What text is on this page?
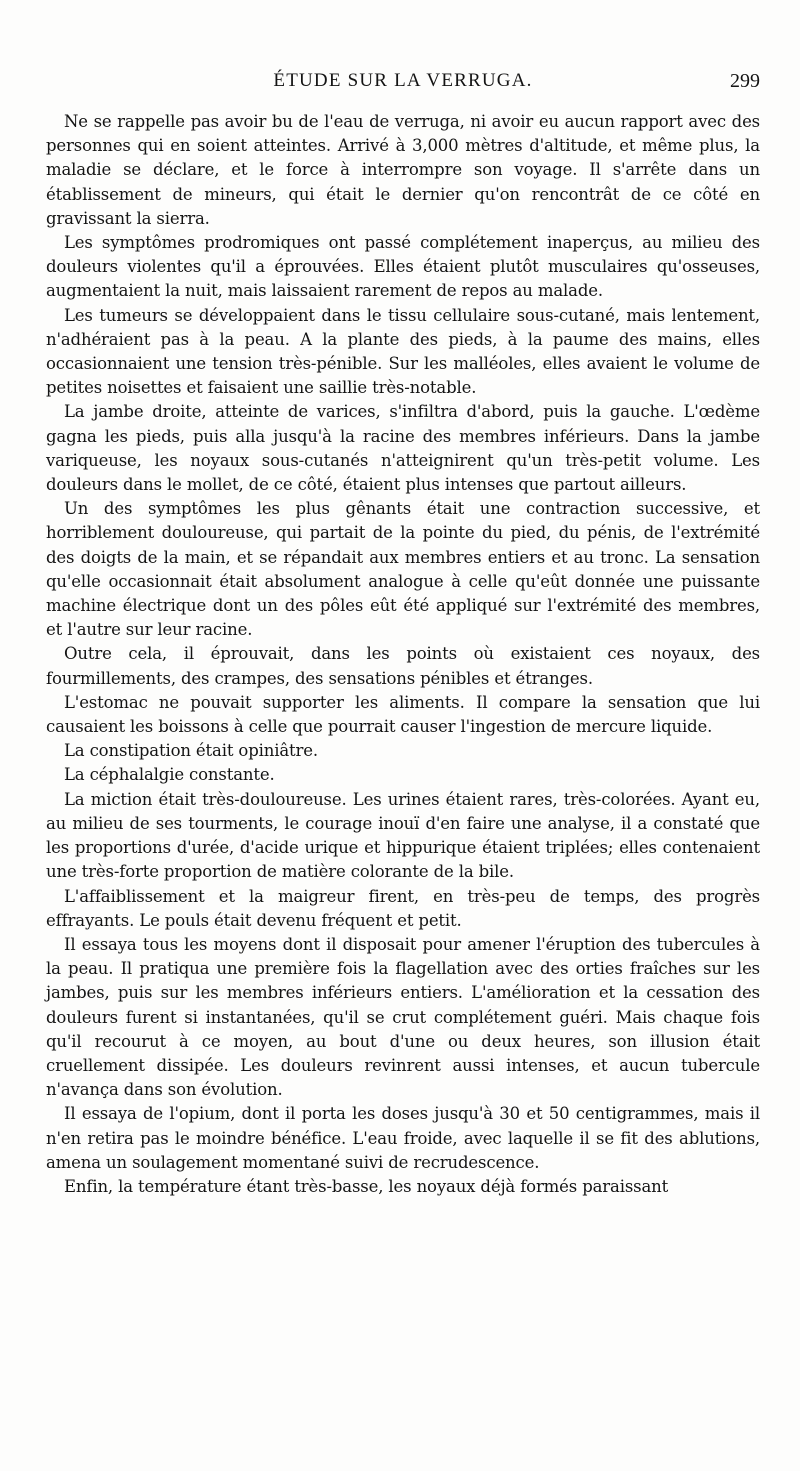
ÉTUDE SUR LA VERRUGA.	299

Ne se rappelle pas avoir bu de l'eau de verruga, ni avoir eu aucun rapport avec des personnes qui en soient atteintes. Arrivé à 3,000 mètres d'altitude, et même plus, la maladie se déclare, et le force à interrompre son voyage. Il s'arrête dans un établissement de mineurs, qui était le dernier qu'on rencontrât de ce côté en gravissant la sierra.

Les symptômes prodromiques ont passé complétement inaperçus, au milieu des douleurs violentes qu'il a éprouvées. Elles étaient plutôt musculaires qu'osseuses, augmentaient la nuit, mais laissaient rarement de repos au malade.

Les tumeurs se développaient dans le tissu cellulaire sous-cutané, mais lentement, n'adhéraient pas à la peau. A la plante des pieds, à la paume des mains, elles occasionnaient une tension très-pénible. Sur les malléoles, elles avaient le volume de petites noisettes et faisaient une saillie très-notable.

La jambe droite, atteinte de varices, s'infiltra d'abord, puis la gauche. L'œdème gagna les pieds, puis alla jusqu'à la racine des membres inférieurs. Dans la jambe variqueuse, les noyaux sous-cutanés n'atteignirent qu'un très-petit volume. Les douleurs dans le mollet, de ce côté, étaient plus intenses que partout ailleurs.

Un des symptômes les plus gênants était une contraction successive, et horriblement douloureuse, qui partait de la pointe du pied, du pénis, de l'extrémité des doigts de la main, et se répandait aux membres entiers et au tronc. La sensation qu'elle occasionnait était absolument analogue à celle qu'eût donnée une puissante machine électrique dont un des pôles eût été appliqué sur l'extrémité des membres, et l'autre sur leur racine.

Outre cela, il éprouvait, dans les points où existaient ces noyaux, des fourmillements, des crampes, des sensations pénibles et étranges.

L'estomac ne pouvait supporter les aliments. Il compare la sensation que lui causaient les boissons à celle que pourrait causer l'ingestion de mercure liquide.

La constipation était opiniâtre.

La céphalalgie constante.

La miction était très-douloureuse. Les urines étaient rares, très-colorées. Ayant eu, au milieu de ses tourments, le courage inouï d'en faire une analyse, il a constaté que les proportions d'urée, d'acide urique et hippurique étaient triplées; elles contenaient une très-forte proportion de matière colorante de la bile.

L'affaiblissement et la maigreur firent, en très-peu de temps, des progrès effrayants. Le pouls était devenu fréquent et petit.

Il essaya tous les moyens dont il disposait pour amener l'éruption des tubercules à la peau. Il pratiqua une première fois la flagellation avec des orties fraîches sur les jambes, puis sur les membres inférieurs entiers. L'amélioration et la cessation des douleurs furent si instantanées, qu'il se crut complétement guéri. Mais chaque fois qu'il recourut à ce moyen, au bout d'une ou deux heures, son illusion était cruellement dissipée. Les douleurs revinrent aussi intenses, et aucun tubercule n'avança dans son évolution.

Il essaya de l'opium, dont il porta les doses jusqu'à 30 et 50 centigrammes, mais il n'en retira pas le moindre bénéfice. L'eau froide, avec laquelle il se fit des ablutions, amena un soulagement momentané suivi de recrudescence.

Enfin, la température étant très-basse, les noyaux déjà formés paraissant
